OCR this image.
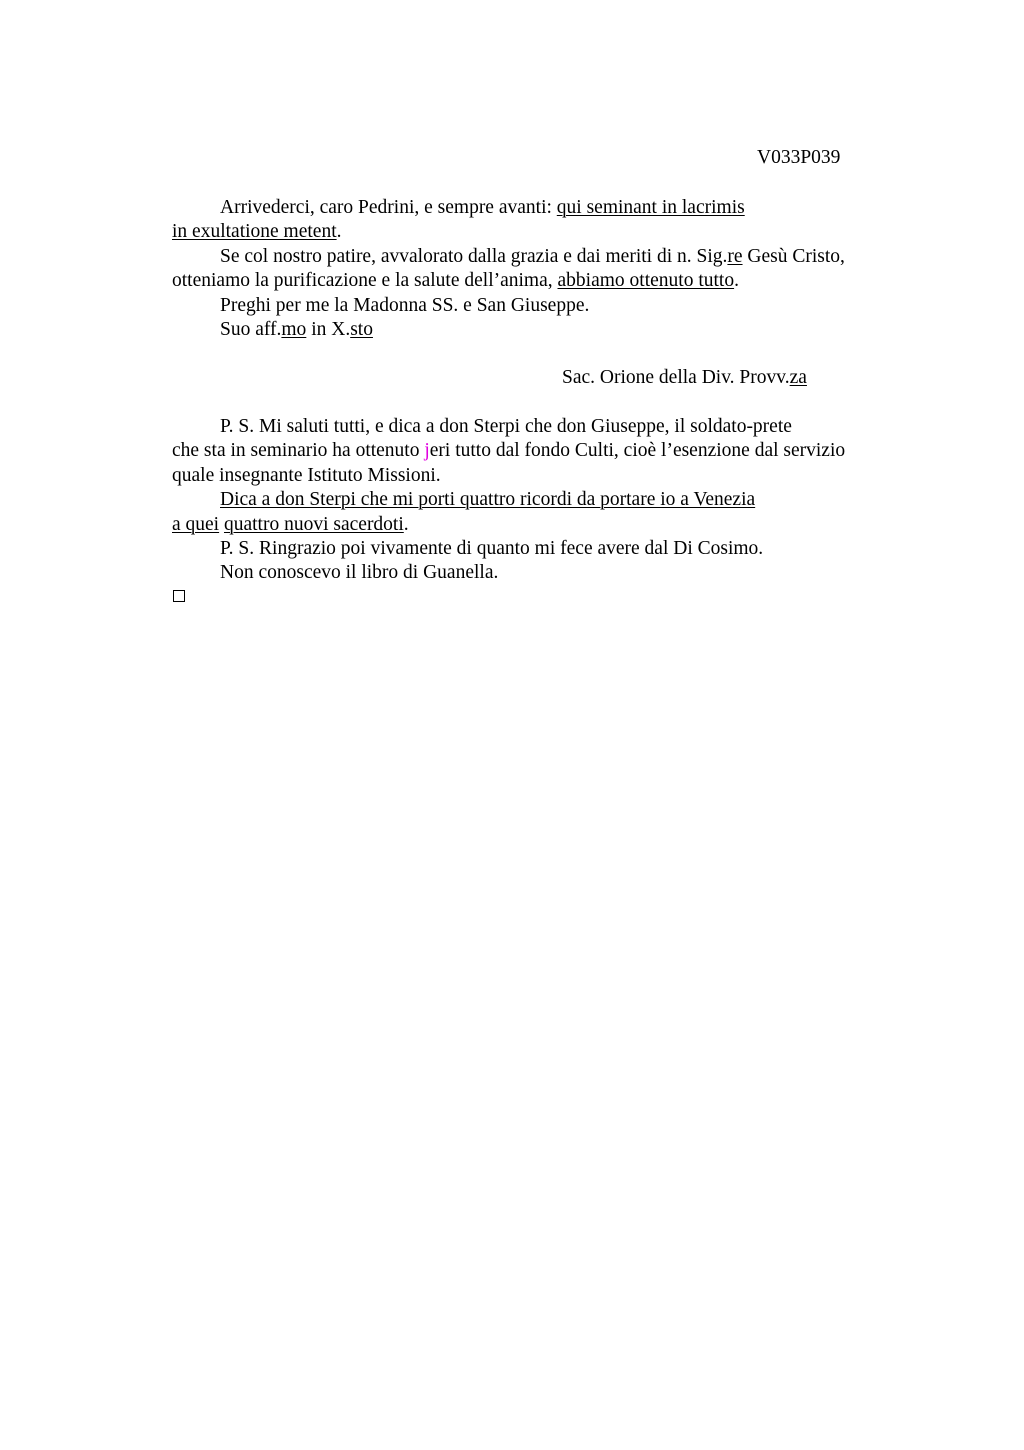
V033P039

Arrivederci, caro Pedrini, e sempre avanti: qui seminant in lacrimis

in exultatione metent.

Se col nostro patire, avvalorato dalla grazia e dai meriti di n. Sig.re Gesù Cristo,

otteniamo la purificazione e la salute dell’anima, abbiamo ottenuto tutto.

Preghi per me la Madonna SS. e San Giuseppe.

Suo aff.mo in X.sto

Sac. Orione della Div. Provv.za

P. S. Mi saluti tutti, e dica a don Sterpi che don Giuseppe, il soldato-prete

che sta in seminario ha ottenuto jeri tutto dal fondo Culti, cioè l’esenzione dal servizio

quale insegnante Istituto Missioni.

Dica a don Sterpi che mi porti quattro ricordi da portare io a Venezia

a quei quattro nuovi sacerdoti.

P. S. Ringrazio poi vivamente di quanto mi fece avere dal Di Cosimo.

Non conoscevo il libro di Guanella.
